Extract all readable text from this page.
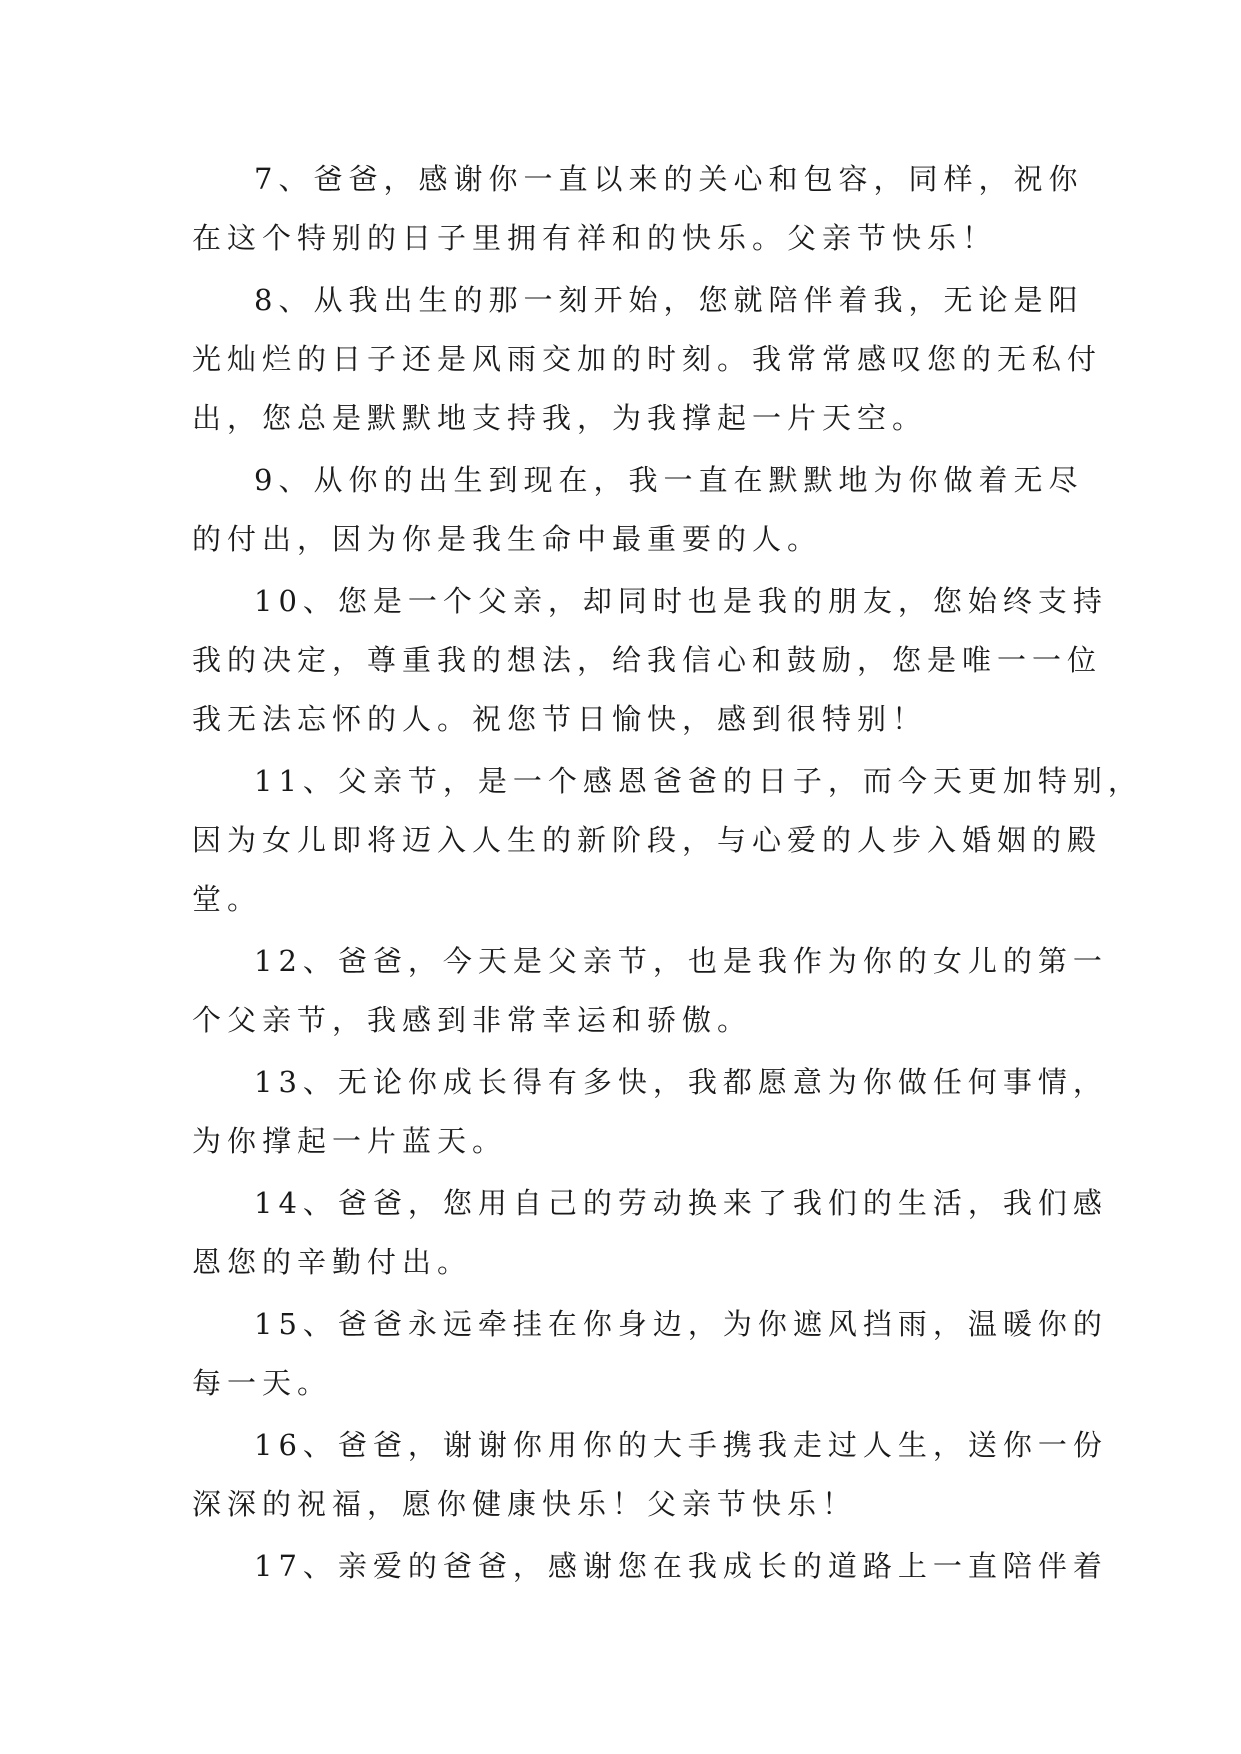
7、爸爸，感谢你一直以来的关心和包容，同样，祝你
在这个特别的日子里拥有祥和的快乐。父亲节快乐！

8、从我出生的那一刻开始，您就陪伴着我，无论是阳
光灿烂的日子还是风雨交加的时刻。我常常感叹您的无私付
出，您总是默默地支持我，为我撑起一片天空。

9、从你的出生到现在，我一直在默默地为你做着无尽
的付出，因为你是我生命中最重要的人。

10、您是一个父亲，却同时也是我的朋友，您始终支持
我的决定，尊重我的想法，给我信心和鼓励，您是唯一一位
我无法忘怀的人。祝您节日愉快，感到很特别！

11、父亲节，是一个感恩爸爸的日子，而今天更加特别，
因为女儿即将迈入人生的新阶段，与心爱的人步入婚姻的殿
堂。

12、爸爸，今天是父亲节，也是我作为你的女儿的第一
个父亲节，我感到非常幸运和骄傲。

13、无论你成长得有多快，我都愿意为你做任何事情，
为你撑起一片蓝天。

14、爸爸，您用自己的劳动换来了我们的生活，我们感
恩您的辛勤付出。

15、爸爸永远牵挂在你身边，为你遮风挡雨，温暖你的
每一天。

16、爸爸，谢谢你用你的大手携我走过人生，送你一份
深深的祝福，愿你健康快乐！父亲节快乐！

17、亲爱的爸爸，感谢您在我成长的道路上一直陪伴着
